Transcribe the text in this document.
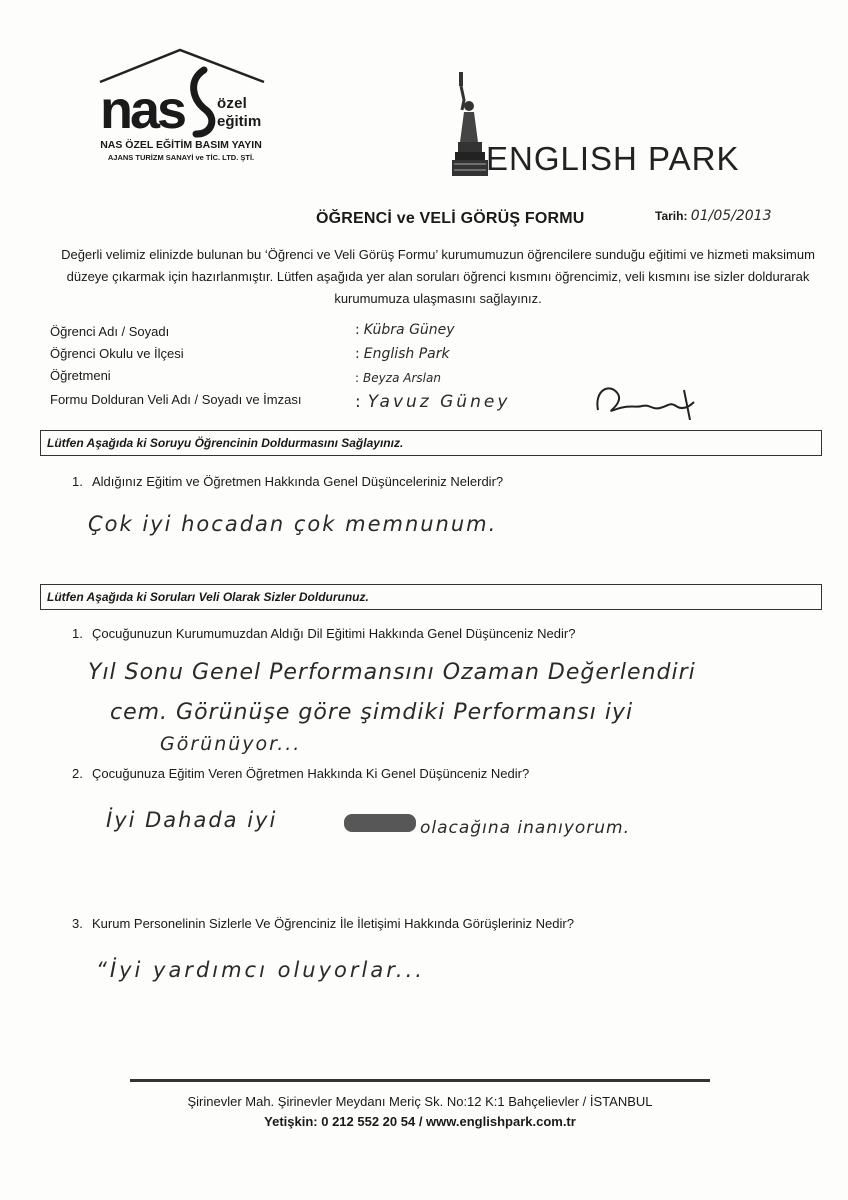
nas özel
eğitim
NAS ÖZEL EĞİTİM BASIM YAYIN
AJANS TURİZM SANAYİ ve TİC. LTD. ŞTİ.	ENGLISH PARK
ÖĞRENCİ ve VELİ GÖRÜŞ FORMU	Tarih: 01/05/2013
Değerli velimiz elinizde bulunan bu ‘Öğrenci ve Veli Görüş Formu’ kurumumuzun öğrencilere sunduğu eğitimi ve hizmeti maksimum düzeye çıkarmak için hazırlanmıştır. Lütfen aşağıda yer alan soruları öğrenci kısmını öğrencimiz, veli kısmını ise sizler doldurarak kurumumuza ulaşmasını sağlayınız.
Öğrenci Adı / Soyadı	: Kübra Güney
Öğrenci Okulu ve İlçesi	: English Park
Öğretmeni	: Beyza Arslan
Formu Dolduran Veli Adı / Soyadı ve İmzası	: Yavuz Güney
Lütfen Aşağıda ki Soruyu Öğrencinin Doldurmasını Sağlayınız.
1. Aldığınız Eğitim ve Öğretmen Hakkında Genel Düşünceleriniz Nelerdir?
Çok iyi hocadan çok memnunum.
Lütfen Aşağıda ki Soruları Veli Olarak Sizler Doldurunuz.
1. Çocuğunuzun Kurumumuzdan Aldığı Dil Eğitimi Hakkında Genel Düşünceniz Nedir?
Yıl Sonu Genel Performansını Ozaman Değerlendiri
cem. Görünüşe göre şimdiki Performansı iyi
Görünüyor...
2. Çocuğunuza Eğitim Veren Öğretmen Hakkında Ki Genel Düşünceniz Nedir?
İyi Dahada iyi	olacağına inanıyorum.
3. Kurum Personelinin Sizlerle Ve Öğrenciniz İle İletişimi Hakkında Görüşleriniz Nedir?
“İyi yardımcı oluyorlar...
Şirinevler Mah. Şirinevler Meydanı Meriç Sk. No:12 K:1 Bahçelievler / İSTANBUL
Yetişkin: 0 212 552 20 54 / www.englishpark.com.tr
